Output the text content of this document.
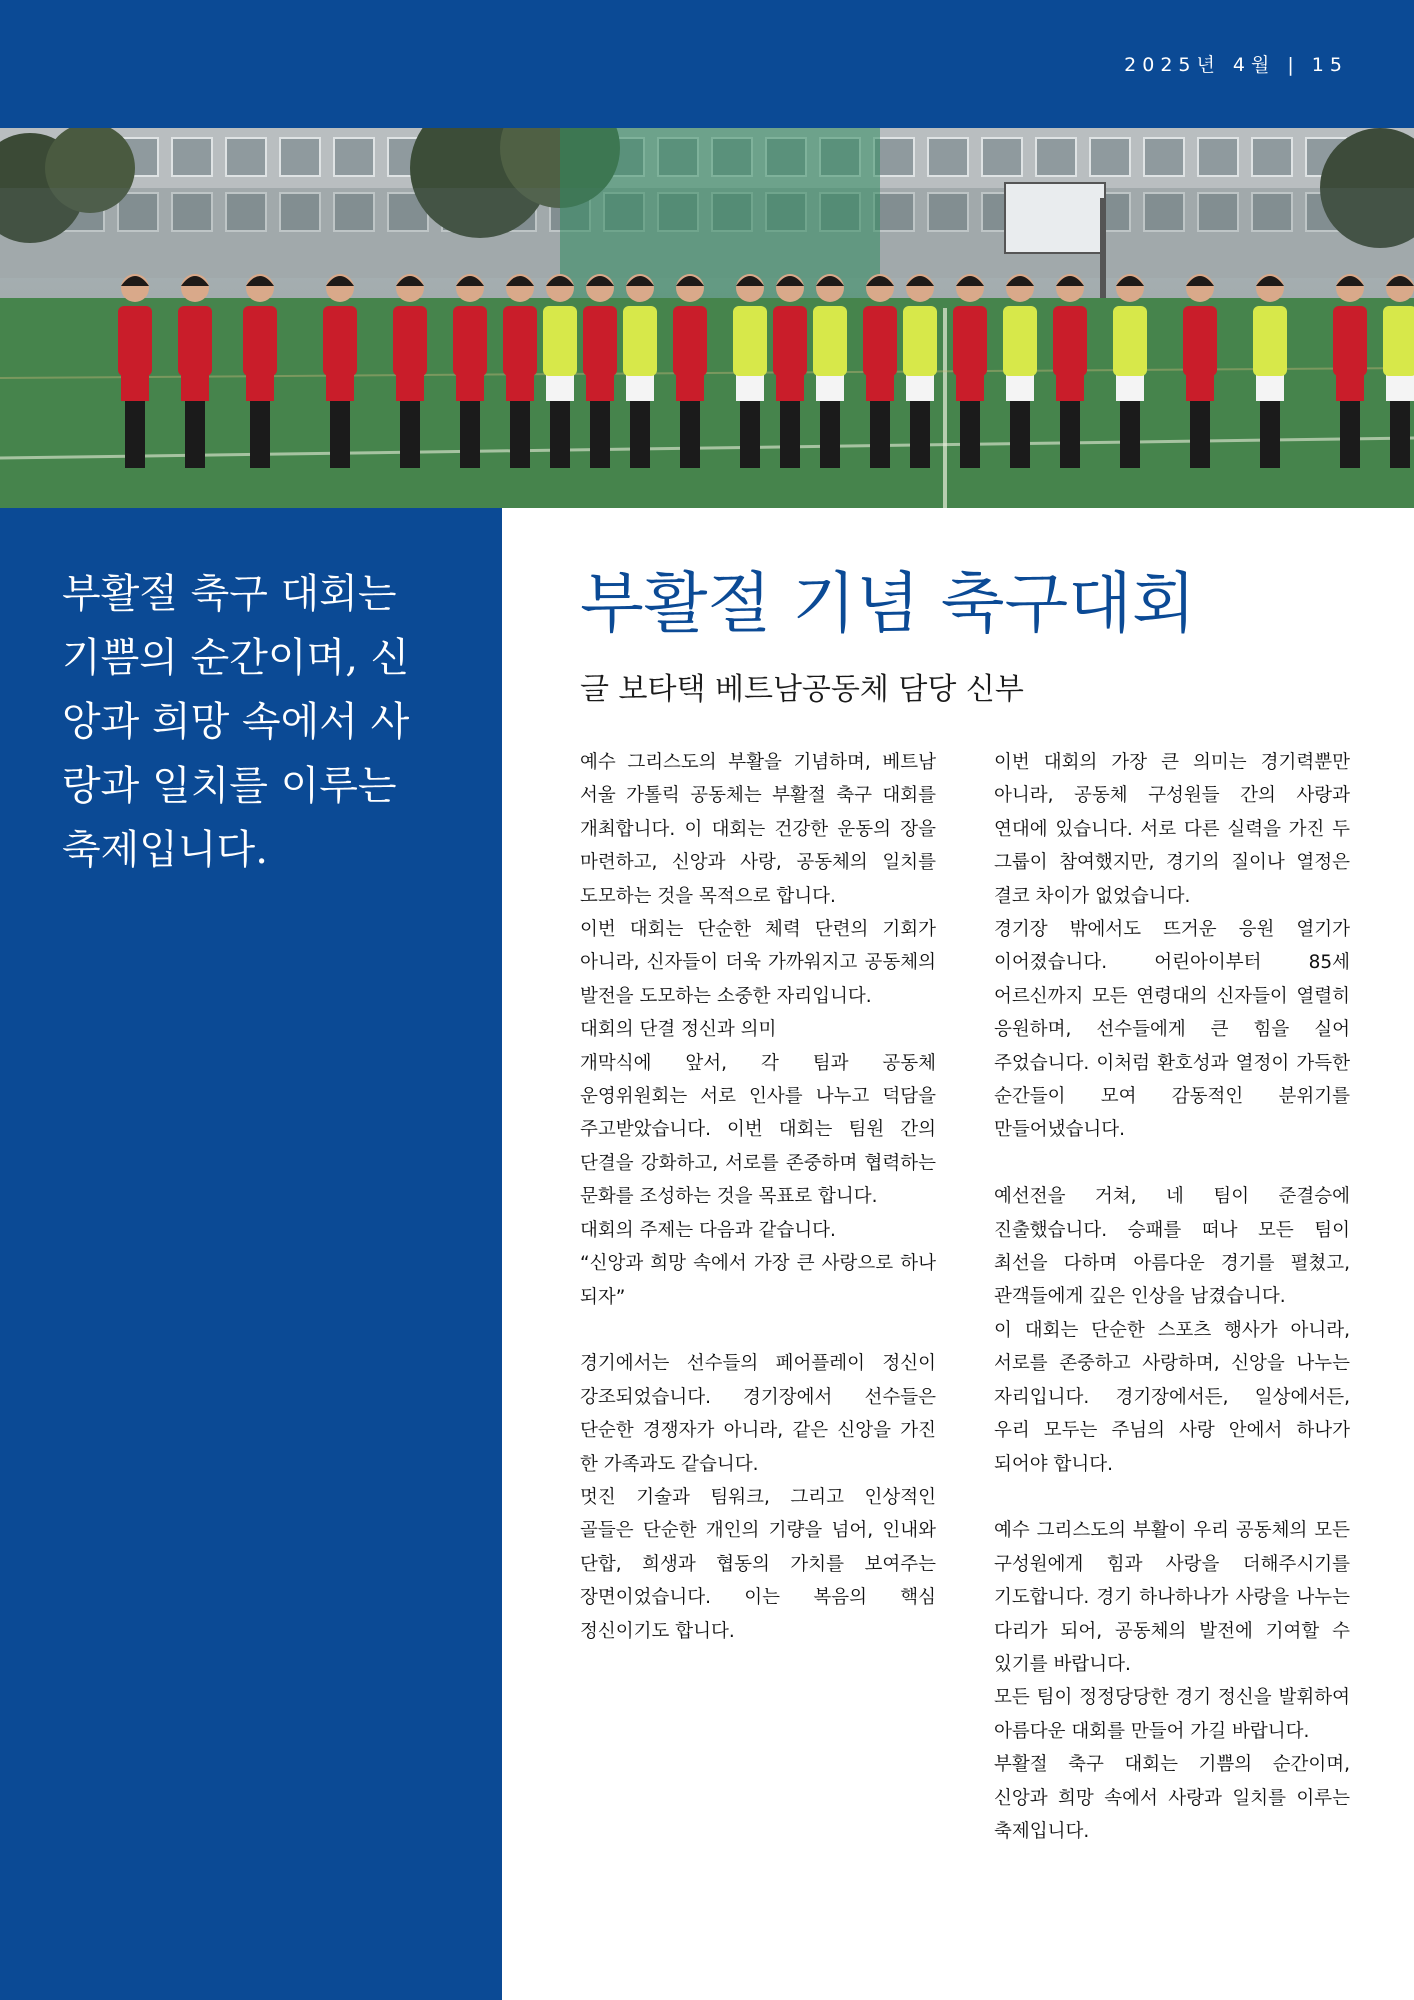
2025년 4월 | 15
부활절 축구 대회는
기쁨의 순간이며, 신
앙과 희망 속에서 사
랑과 일치를 이루는
축제입니다.
부활절 기념 축구대회
글 보타택 베트남공동체 담당 신부

예수 그리스도의 부활을 기념하며, 베트남 서울 가톨릭 공동체는 부활절 축구 대회를 개최합니다. 이 대회는 건강한 운동의 장을 마련하고, 신앙과 사랑, 공동체의 일치를 도모하는 것을 목적으로 합니다.

이번 대회는 단순한 체력 단련의 기회가 아니라, 신자들이 더욱 가까워지고 공동체의 발전을 도모하는 소중한 자리입니다.

대회의 단결 정신과 의미

개막식에 앞서, 각 팀과 공동체 운영위원회는 서로 인사를 나누고 덕담을 주고받았습니다. 이번 대회는 팀원 간의 단결을 강화하고, 서로를 존중하며 협력하는 문화를 조성하는 것을 목표로 합니다.

대회의 주제는 다음과 같습니다.

“신앙과 희망 속에서 가장 큰 사랑으로 하나 되자”

경기에서는 선수들의 페어플레이 정신이 강조되었습니다. 경기장에서 선수들은 단순한 경쟁자가 아니라, 같은 신앙을 가진 한 가족과도 같습니다.

멋진 기술과 팀워크, 그리고 인상적인 골들은 단순한 개인의 기량을 넘어, 인내와 단합, 희생과 협동의 가치를 보여주는 장면이었습니다. 이는 복음의 핵심 정신이기도 합니다.

이번 대회의 가장 큰 의미는 경기력뿐만 아니라, 공동체 구성원들 간의 사랑과 연대에 있습니다. 서로 다른 실력을 가진 두 그룹이 참여했지만, 경기의 질이나 열정은 결코 차이가 없었습니다.

경기장 밖에서도 뜨거운 응원 열기가 이어졌습니다. 어린아이부터 85세 어르신까지 모든 연령대의 신자들이 열렬히 응원하며, 선수들에게 큰 힘을 실어 주었습니다. 이처럼 환호성과 열정이 가득한 순간들이 모여 감동적인 분위기를 만들어냈습니다.

예선전을 거쳐, 네 팀이 준결승에 진출했습니다. 승패를 떠나 모든 팀이 최선을 다하며 아름다운 경기를 펼쳤고, 관객들에게 깊은 인상을 남겼습니다.

이 대회는 단순한 스포츠 행사가 아니라, 서로를 존중하고 사랑하며, 신앙을 나누는 자리입니다. 경기장에서든, 일상에서든, 우리 모두는 주님의 사랑 안에서 하나가 되어야 합니다.

예수 그리스도의 부활이 우리 공동체의 모든 구성원에게 힘과 사랑을 더해주시기를 기도합니다. 경기 하나하나가 사랑을 나누는 다리가 되어, 공동체의 발전에 기여할 수 있기를 바랍니다.

모든 팀이 정정당당한 경기 정신을 발휘하여 아름다운 대회를 만들어 가길 바랍니다.

부활절 축구 대회는 기쁨의 순간이며, 신앙과 희망 속에서 사랑과 일치를 이루는 축제입니다.
